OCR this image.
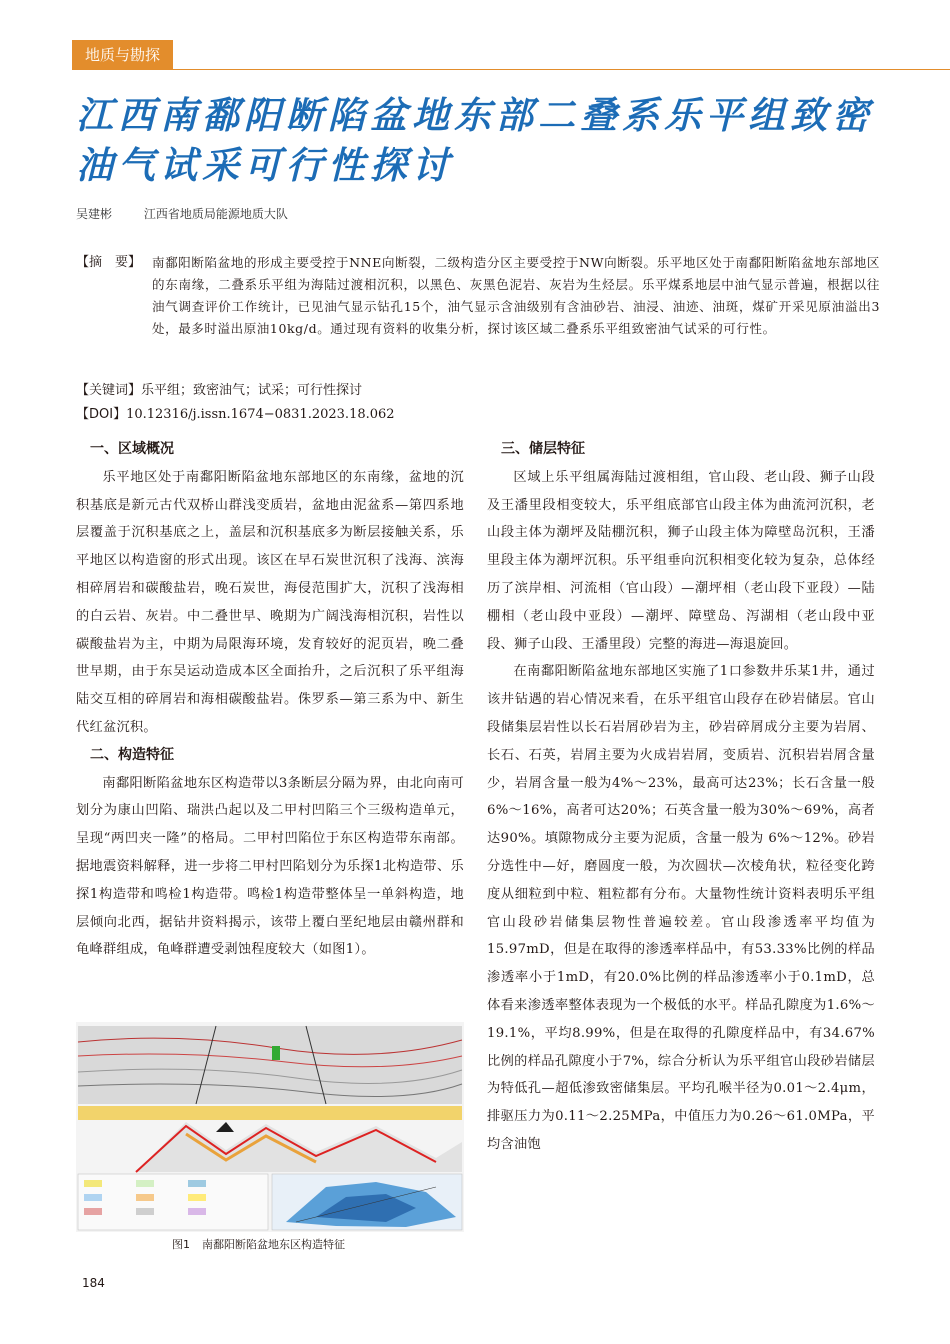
地质与勘探
江西南鄱阳断陷盆地东部二叠系乐平组致密油气试采可行性探讨
吴建彬	江西省地质局能源地质大队
【摘　要】 南鄱阳断陷盆地的形成主要受控于NNE向断裂，二级构造分区主要受控于NW向断裂。乐平地区处于南鄱阳断陷盆地东部地区的东南缘，二叠系乐平组为海陆过渡相沉积，以黑色、灰黑色泥岩、灰岩为生烃层。乐平煤系地层中油气显示普遍，根据以往油气调查评价工作统计，已见油气显示钻孔15个，油气显示含油级别有含油砂岩、油浸、油迹、油斑，煤矿开采见原油溢出3处，最多时溢出原油10kg/d。通过现有资料的收集分析，探讨该区域二叠系乐平组致密油气试采的可行性。
【关键词】乐平组；致密油气；试采；可行性探讨
【DOI】10.12316/j.issn.1674−0831.2023.18.062
一、区域概况

乐平地区处于南鄱阳断陷盆地东部地区的东南缘，盆地的沉积基底是新元古代双桥山群浅变质岩，盆地由泥盆系—第四系地层覆盖于沉积基底之上，盖层和沉积基底多为断层接触关系，乐平地区以构造窗的形式出现。该区在早石炭世沉积了浅海、滨海相碎屑岩和碳酸盐岩，晚石炭世，海侵范围扩大，沉积了浅海相的白云岩、灰岩。中二叠世早、晚期为广阔浅海相沉积，岩性以碳酸盐岩为主，中期为局限海环境，发育较好的泥页岩，晚二叠世早期，由于东吴运动造成本区全面抬升，之后沉积了乐平组海陆交互相的碎屑岩和海相碳酸盐岩。侏罗系—第三系为中、新生代红盆沉积。

二、构造特征

南鄱阳断陷盆地东区构造带以3条断层分隔为界，由北向南可划分为康山凹陷、瑞洪凸起以及二甲村凹陷三个三级构造单元，呈现“两凹夹一隆”的格局。二甲村凹陷位于东区构造带东南部。据地震资料解释，进一步将二甲村凹陷划分为乐探1北构造带、乐探1构造带和鸣检1构造带。鸣检1构造带整体呈一单斜构造，地层倾向北西，据钻井资料揭示，该带上覆白垩纪地层由赣州群和龟峰群组成，龟峰群遭受剥蚀程度较大（如图1）。

三、储层特征

区域上乐平组属海陆过渡相组，官山段、老山段、狮子山段及王潘里段相变较大，乐平组底部官山段主体为曲流河沉积，老山段主体为潮坪及陆棚沉积，狮子山段主体为障壁岛沉积，王潘里段主体为潮坪沉积。乐平组垂向沉积相变化较为复杂，总体经历了滨岸相、河流相（官山段）—潮坪相（老山段下亚段）—陆棚相（老山段中亚段）—潮坪、障壁岛、泻湖相（老山段中亚段、狮子山段、王潘里段）完整的海进—海退旋回。

在南鄱阳断陷盆地东部地区实施了1口参数井乐某1井，通过该井钻遇的岩心情况来看，在乐平组官山段存在砂岩储层。官山段储集层岩性以长石岩屑砂岩为主，砂岩碎屑成分主要为岩屑、长石、石英，岩屑主要为火成岩岩屑，变质岩、沉积岩岩屑含量少，岩屑含量一般为4%～23%，最高可达23%；长石含量一般6%～16%，高者可达20%；石英含量一般为30%～69%，高者达90%。填隙物成分主要为泥质，含量一般为 6%～12%。砂岩分选性中—好，磨圆度一般，为次圆状—次棱角状，粒径变化跨度从细粒到中粒、粗粒都有分布。大量物性统计资料表明乐平组官山段砂岩储集层物性普遍较差。官山段渗透率平均值为15.97mD，但是在取得的渗透率样品中，有53.33%比例的样品渗透率小于1mD，有20.0%比例的样品渗透率小于0.1mD，总体看来渗透率整体表现为一个极低的水平。样品孔隙度为1.6%～19.1%，平均8.99%，但是在取得的孔隙度样品中，有34.67%比例的样品孔隙度小于7%，综合分析认为乐平组官山段砂岩储层为特低孔—超低渗致密储集层。平均孔喉半径为0.01～2.4μm，排驱压力为0.11～2.25MPa，中值压力为0.26～61.0MPa，平均含油饱

图1 南鄱阳断陷盆地东区构造特征
184
